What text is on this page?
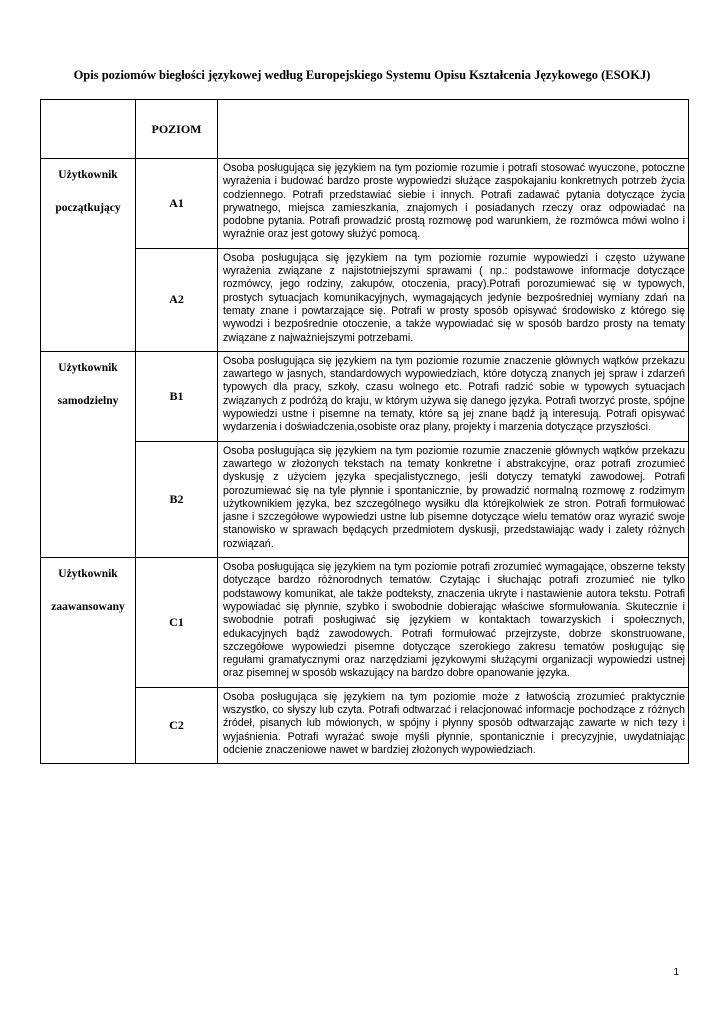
Opis poziomów biegłości językowej według Europejskiego Systemu Opisu Kształcenia Językowego (ESOKJ)
	POZIOM	

Użytkownik
początkujący	A1	Osoba posługująca się językiem na tym poziomie rozumie i potrafi stosować wyuczone, potoczne wyrażenia i budować bardzo proste wypowiedzi służące zaspokajaniu konkretnych potrzeb życia codziennego. Potrafi przedstawiać siebie i innych. Potrafi zadawać pytania dotyczące życia prywatnego, miejsca zamieszkania, znajomych i posiadanych rzeczy oraz odpowiadać na podobne pytania. Potrafi prowadzić prostą rozmowę pod warunkiem, że rozmówca mówi wolno i wyraźnie oraz jest gotowy służyć pomocą.
	A2	Osoba posługująca się językiem na tym poziomie rozumie wypowiedzi i często używane wyrażenia związane z najistotniejszymi sprawami ( np.: podstawowe informacje dotyczące rozmówcy, jego rodziny, zakupów, otoczenia, pracy).Potrafi porozumiewać się w typowych, prostych sytuacjach komunikacyjnych, wymagających jedynie bezpośredniej wymiany zdań na tematy znane i powtarzające się. Potrafi w prosty sposób opisywać środowisko z którego się wywodzi i bezpośrednie otoczenie, a także wypowiadać się w sposób bardzo prosty na tematy związane z najważniejszymi potrzebami.

Użytkownik
samodzielny	B1	Osoba posługująca się językiem na tym poziomie rozumie znaczenie głównych wątków przekazu zawartego w jasnych, standardowych wypowiedziach, które dotyczą znanych jej spraw i zdarzeń typowych dla pracy, szkoły, czasu wolnego etc. Potrafi radzić sobie w typowych sytuacjach związanych z podróżą do kraju, w którym używa się danego języka. Potrafi tworzyć proste, spójne wypowiedzi ustne i pisemne na tematy, które są jej znane bądź ją interesują. Potrafi opisywać wydarzenia i doświadczenia,osobiste oraz plany, projekty i marzenia dotyczące przyszłości.
	B2	Osoba posługująca się językiem na tym poziomie rozumie znaczenie głównych wątków przekazu zawartego w złożonych tekstach na tematy konkretne i abstrakcyjne, oraz potrafi zrozumieć dyskusję z użyciem języka specjalistycznego, jeśli dotyczy tematyki zawodowej. Potrafi porozumiewać się na tyle płynnie i spontanicznie, by prowadzić normalną rozmowę z rodzimym użytkownikiem języka, bez szczególnego wysiłku dla którejkolwiek ze stron. Potrafi formułować jasne i szczegółowe wypowiedzi ustne lub pisemne dotyczące wielu tematów oraz wyrazić swoje stanowisko w sprawach będących przedmiotem dyskusji, przedstawiając wady i zalety różnych rozwiązań.

Użytkownik
zaawansowany	C1	Osoba posługująca się językiem na tym poziomie potrafi zrozumieć wymagające, obszerne teksty dotyczące bardzo różnorodnych tematów. Czytając i słuchając potrafi zrozumieć nie tylko podstawowy komunikat, ale także podteksty, znaczenia ukryte i nastawienie autora tekstu. Potrafi wypowiadać się płynnie, szybko i swobodnie dobierając właściwe sformułowania. Skutecznie i swobodnie potrafi posługiwać się językiem w kontaktach towarzyskich i społecznych, edukacyjnych bądź zawodowych. Potrafi formułować przejrzyste, dobrze skonstruowane, szczegółowe wypowiedzi pisemne dotyczące szerokiego zakresu tematów posługując się regułami gramatycznymi oraz narzędziami językowymi służącymi organizacji wypowiedzi ustnej oraz pisemnej w sposób wskazujący na bardzo dobre opanowanie języka.
	C2	Osoba posługująca się językiem na tym poziomie może z łatwością zrozumieć praktycznie wszystko, co słyszy lub czyta. Potrafi odtwarzać i relacjonować informacje pochodzące z różnych źródeł, pisanych lub mówionych, w spójny i płynny sposób odtwarzając zawarte w nich tezy i wyjaśnienia. Potrafi wyrażać swoje myśli płynnie, spontanicznie i precyzyjnie, uwydatniając odcienie znaczeniowe nawet w bardziej złożonych wypowiedziach.
1
